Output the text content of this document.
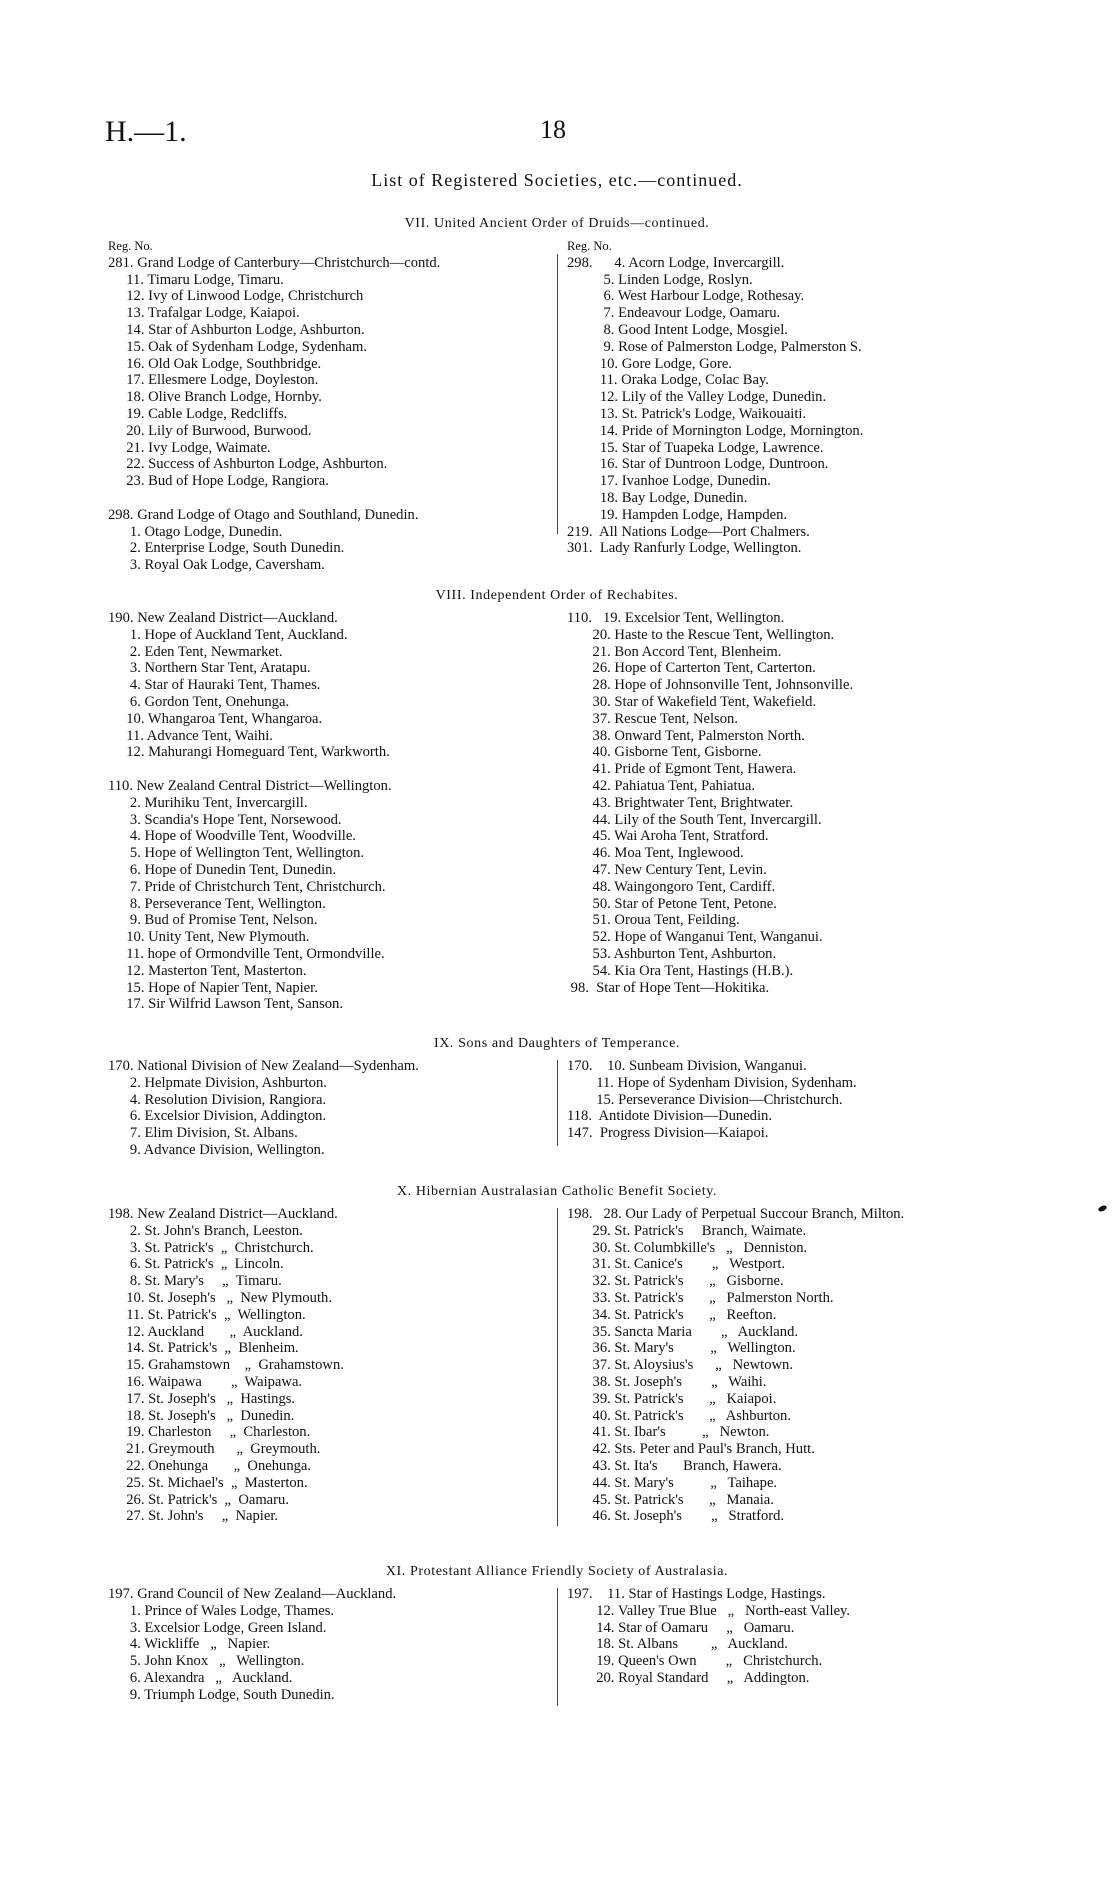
H.—1.	18
List of Registered Societies, etc.—continued.
VII. United Ancient Order of Druids—continued.
Reg. No.
281. Grand Lodge of Canterbury—Christchurch—contd.
11. Timaru Lodge, Timaru.
12. Ivy of Linwood Lodge, Christchurch
13. Trafalgar Lodge, Kaiapoi.
14. Star of Ashburton Lodge, Ashburton.
15. Oak of Sydenham Lodge, Sydenham.
16. Old Oak Lodge, Southbridge.
17. Ellesmere Lodge, Doyleston.
18. Olive Branch Lodge, Hornby.
19. Cable Lodge, Redcliffs.
20. Lily of Burwood, Burwood.
21. Ivy Lodge, Waimate.
22. Success of Ashburton Lodge, Ashburton.
23. Bud of Hope Lodge, Rangiora.
298. Grand Lodge of Otago and Southland, Dunedin.
1. Otago Lodge, Dunedin.
2. Enterprise Lodge, South Dunedin.
3. Royal Oak Lodge, Caversham.
Reg. No.
298.      4. Acorn Lodge, Invercargill.
5. Linden Lodge, Roslyn.
6. West Harbour Lodge, Rothesay.
7. Endeavour Lodge, Oamaru.
8. Good Intent Lodge, Mosgiel.
9. Rose of Palmerston Lodge, Palmerston S.
10. Gore Lodge, Gore.
11. Oraka Lodge, Colac Bay.
12. Lily of the Valley Lodge, Dunedin.
13. St. Patrick's Lodge, Waikouaiti.
14. Pride of Mornington Lodge, Mornington.
15. Star of Tuapeka Lodge, Lawrence.
16. Star of Duntroon Lodge, Duntroon.
17. Ivanhoe Lodge, Dunedin.
18. Bay Lodge, Dunedin.
19. Hampden Lodge, Hampden.
219.  All Nations Lodge—Port Chalmers.
301.  Lady Ranfurly Lodge, Wellington.
VIII. Independent Order of Rechabites.
190. New Zealand District—Auckland.
1. Hope of Auckland Tent, Auckland.
2. Eden Tent, Newmarket.
3. Northern Star Tent, Aratapu.
4. Star of Hauraki Tent, Thames.
6. Gordon Tent, Onehunga.
10. Whangaroa Tent, Whangaroa.
11. Advance Tent, Waihi.
12. Mahurangi Homeguard Tent, Warkworth.
110. New Zealand Central District—Wellington.
2. Murihiku Tent, Invercargill.
3. Scandia's Hope Tent, Norsewood.
4. Hope of Woodville Tent, Woodville.
5. Hope of Wellington Tent, Wellington.
6. Hope of Dunedin Tent, Dunedin.
7. Pride of Christchurch Tent, Christchurch.
8. Perseverance Tent, Wellington.
9. Bud of Promise Tent, Nelson.
10. Unity Tent, New Plymouth.
11. hope of Ormondville Tent, Ormondville.
12. Masterton Tent, Masterton.
15. Hope of Napier Tent, Napier.
17. Sir Wilfrid Lawson Tent, Sanson.
110.   19. Excelsior Tent, Wellington.
20. Haste to the Rescue Tent, Wellington.
21. Bon Accord Tent, Blenheim.
26. Hope of Carterton Tent, Carterton.
28. Hope of Johnsonville Tent, Johnsonville.
30. Star of Wakefield Tent, Wakefield.
37. Rescue Tent, Nelson.
38. Onward Tent, Palmerston North.
40. Gisborne Tent, Gisborne.
41. Pride of Egmont Tent, Hawera.
42. Pahiatua Tent, Pahiatua.
43. Brightwater Tent, Brightwater.
44. Lily of the South Tent, Invercargill.
45. Wai Aroha Tent, Stratford.
46. Moa Tent, Inglewood.
47. New Century Tent, Levin.
48. Waingongoro Tent, Cardiff.
50. Star of Petone Tent, Petone.
51. Oroua Tent, Feilding.
52. Hope of Wanganui Tent, Wanganui.
53. Ashburton Tent, Ashburton.
54. Kia Ora Tent, Hastings (H.B.).
98.  Star of Hope Tent—Hokitika.
IX. Sons and Daughters of Temperance.
170. National Division of New Zealand—Sydenham.
2. Helpmate Division, Ashburton.
4. Resolution Division, Rangiora.
6. Excelsior Division, Addington.
7. Elim Division, St. Albans.
9. Advance Division, Wellington.
170.    10. Sunbeam Division, Wanganui.
11. Hope of Sydenham Division, Sydenham.
15. Perseverance Division—Christchurch.
118.  Antidote Division—Dunedin.
147.  Progress Division—Kaiapoi.
X. Hibernian Australasian Catholic Benefit Society.
198. New Zealand District—Auckland.
2. St. John's Branch, Leeston.
3. St. Patrick's  „  Christchurch.
6. St. Patrick's  „  Lincoln.
8. St. Mary's     „  Timaru.
10. St. Joseph's   „  New Plymouth.
11. St. Patrick's  „  Wellington.
12. Auckland       „  Auckland.
14. St. Patrick's  „  Blenheim.
15. Grahamstown    „  Grahamstown.
16. Waipawa        „  Waipawa.
17. St. Joseph's   „  Hastings.
18. St. Joseph's   „  Dunedin.
19. Charleston     „  Charleston.
21. Greymouth      „  Greymouth.
22. Onehunga       „  Onehunga.
25. St. Michael's  „  Masterton.
26. St. Patrick's  „  Oamaru.
27. St. John's     „  Napier.
198.   28. Our Lady of Perpetual Succour Branch, Milton.
29. St. Patrick's     Branch, Waimate.
30. St. Columbkille's   „   Denniston.
31. St. Canice's        „   Westport.
32. St. Patrick's       „   Gisborne.
33. St. Patrick's       „   Palmerston North.
34. St. Patrick's       „   Reefton.
35. Sancta Maria        „   Auckland.
36. St. Mary's          „   Wellington.
37. St. Aloysius's      „   Newtown.
38. St. Joseph's        „   Waihi.
39. St. Patrick's       „   Kaiapoi.
40. St. Patrick's       „   Ashburton.
41. St. Ibar's          „   Newton.
42. Sts. Peter and Paul's Branch, Hutt.
43. St. Ita's       Branch, Hawera.
44. St. Mary's          „   Taihape.
45. St. Patrick's       „   Manaia.
46. St. Joseph's        „   Stratford.
XI. Protestant Alliance Friendly Society of Australasia.
197. Grand Council of New Zealand—Auckland.
1. Prince of Wales Lodge, Thames.
3. Excelsior Lodge, Green Island.
4. Wickliffe   „   Napier.
5. John Knox   „   Wellington.
6. Alexandra   „   Auckland.
9. Triumph Lodge, South Dunedin.
197.    11. Star of Hastings Lodge, Hastings.
12. Valley True Blue   „   North-east Valley.
14. Star of Oamaru     „   Oamaru.
18. St. Albans         „   Auckland.
19. Queen's Own        „   Christchurch.
20. Royal Standard     „   Addington.
